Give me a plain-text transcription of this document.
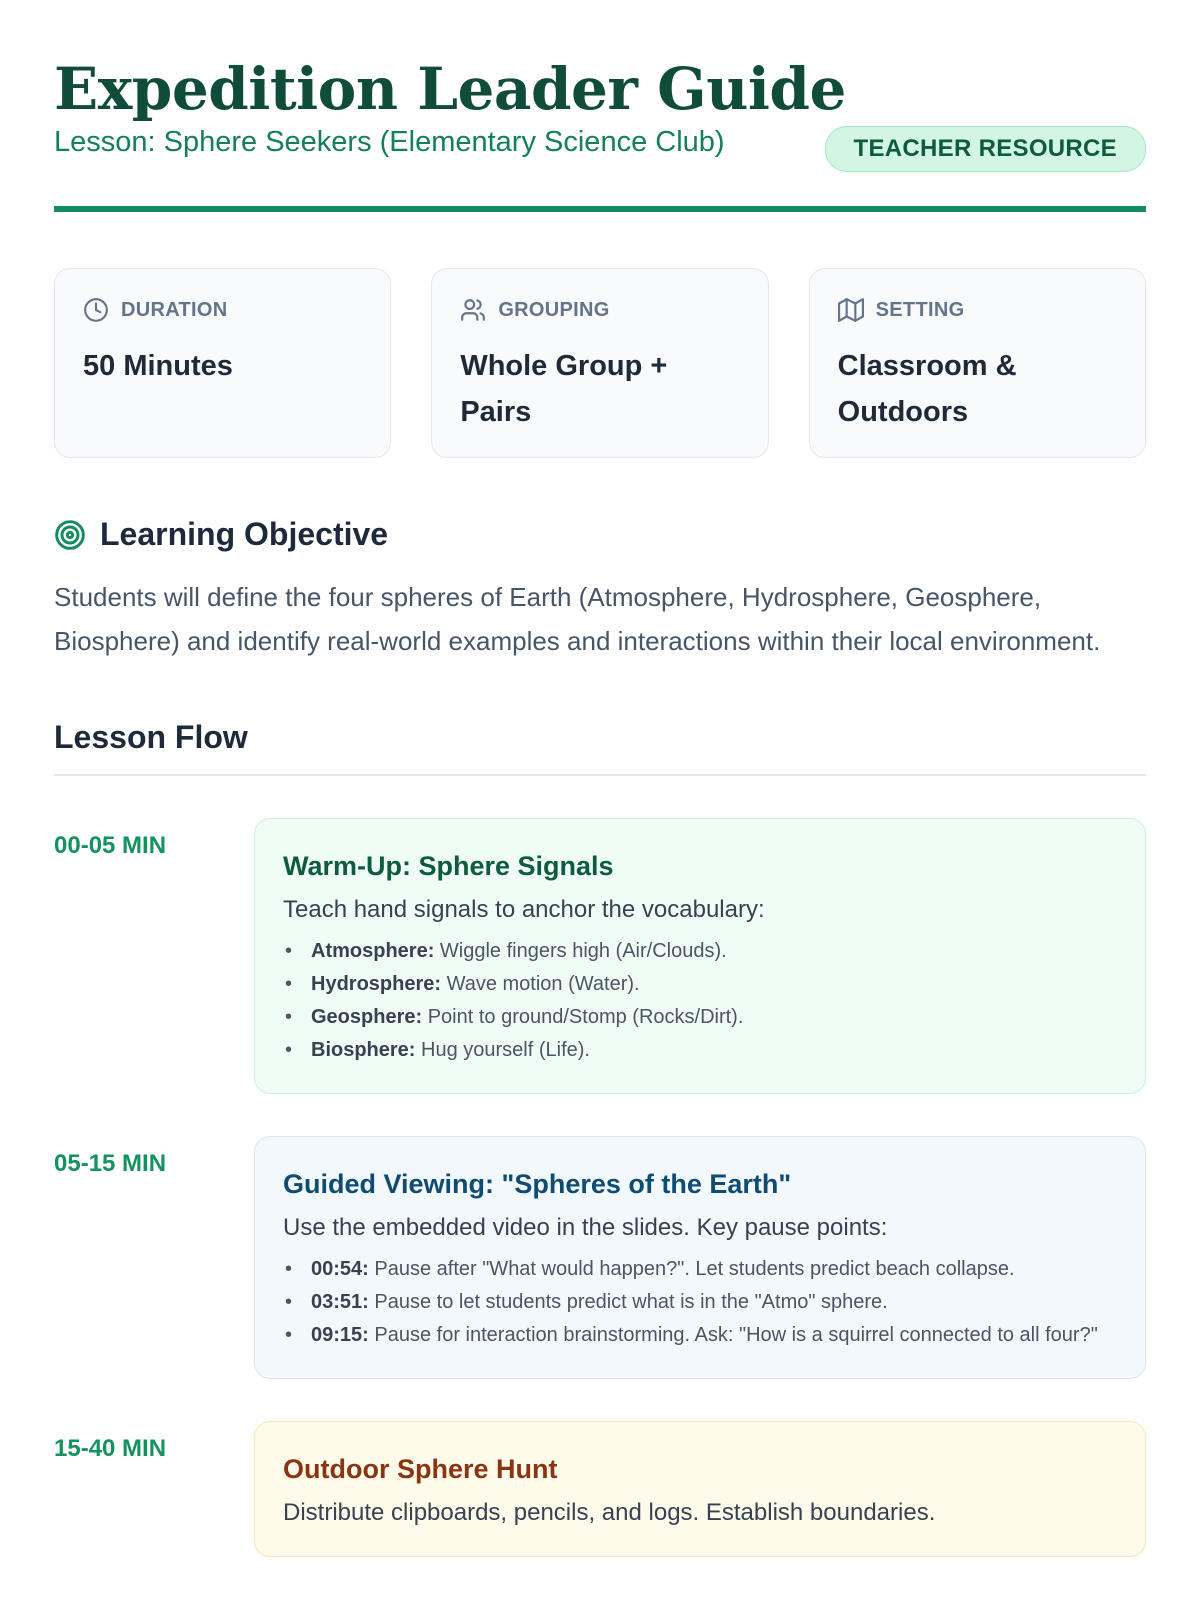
Expedition Leader Guide
Lesson: Sphere Seekers (Elementary Science Club)	TEACHER RESOURCE
DURATION
50 Minutes
GROUPING
Whole Group + Pairs
SETTING
Classroom & Outdoors
Learning Objective
Students will define the four spheres of Earth (Atmosphere, Hydrosphere, Geosphere, Biosphere) and identify real-world examples and interactions within their local environment.
Lesson Flow
00-05 MIN
Warm-Up: Sphere Signals
Teach hand signals to anchor the vocabulary:
• Atmosphere: Wiggle fingers high (Air/Clouds).
• Hydrosphere: Wave motion (Water).
• Geosphere: Point to ground/Stomp (Rocks/Dirt).
• Biosphere: Hug yourself (Life).
05-15 MIN
Guided Viewing: "Spheres of the Earth"
Use the embedded video in the slides. Key pause points:
• 00:54: Pause after "What would happen?". Let students predict beach collapse.
• 03:51: Pause to let students predict what is in the "Atmo" sphere.
• 09:15: Pause for interaction brainstorming. Ask: "How is a squirrel connected to all four?"
15-40 MIN
Outdoor Sphere Hunt
Distribute clipboards, pencils, and logs. Establish boundaries.
